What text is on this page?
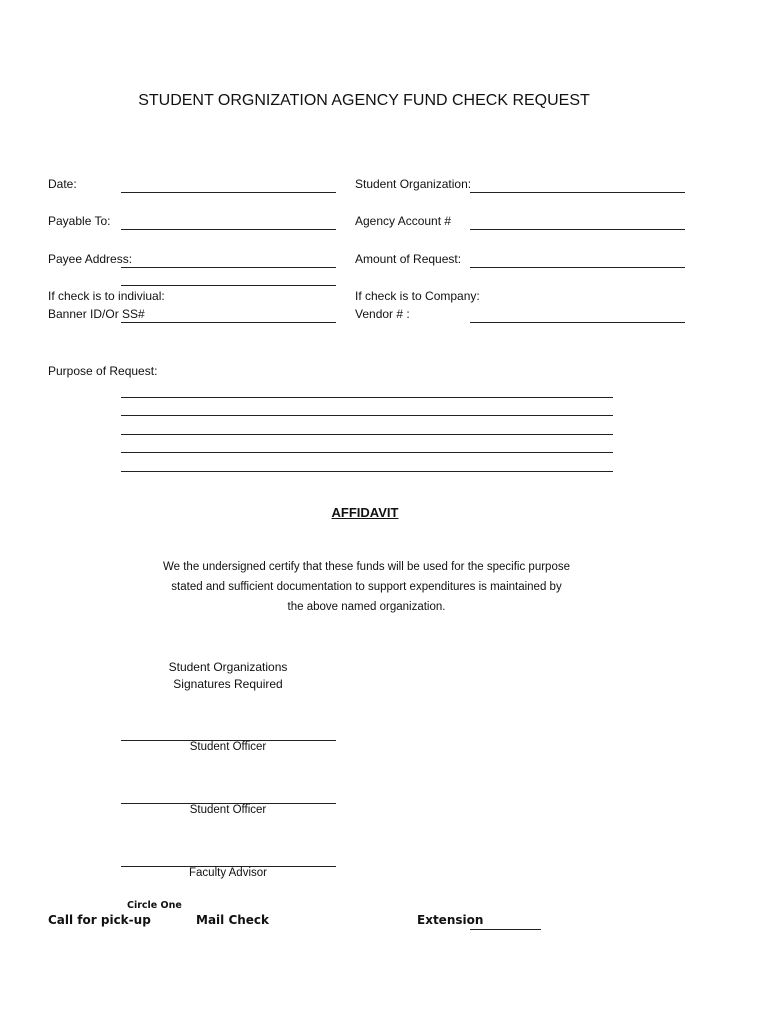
STUDENT ORGNIZATION AGENCY FUND CHECK REQUEST
Date:
Payable To:
Payee Address:
If check is to indiviual:
Banner ID/Or SS#
Student Organization:
Agency Account #
Amount of Request:
If check is to Company:
Vendor # :
Purpose of Request:
AFFIDAVIT
We the undersigned certify that these funds will be used for the specific purpose
stated and sufficient documentation to support expenditures is maintained by
the above named organization.
Student Organizations
Signatures Required
Student Officer
Student Officer
Faculty Advisor
Circle One
Call for pick-up	Mail Check	Extension
